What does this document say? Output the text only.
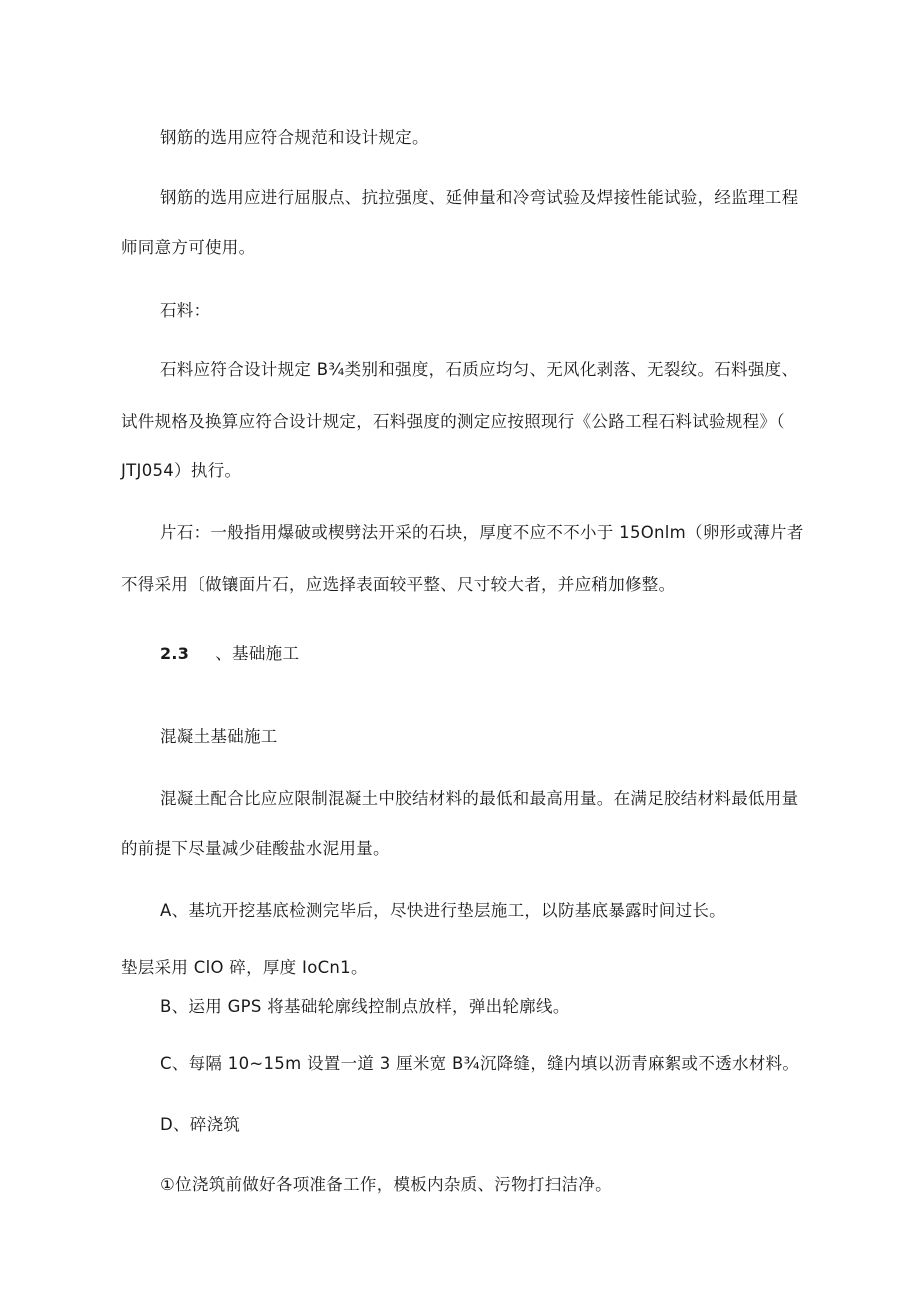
钢筋的选用应符合规范和设计规定。
钢筋的选用应进行屈服点、抗拉强度、延伸量和冷弯试验及焊接性能试验，经监理工程
师同意方可使用。
石料：
石料应符合设计规定 B¾类别和强度，石质应均匀、无风化剥落、无裂纹。石料强度、
试件规格及换算应符合设计规定，石料强度的测定应按照现行《公路工程石料试验规程》（
JTJ054）执行。
片石：一般指用爆破或楔劈法开采的石块，厚度不应不不小于 15Onlm（卵形或薄片者
不得采用〔做镶面片石，应选择表面较平整、尺寸较大者，并应稍加修整。
2.3 、基础施工
混凝土基础施工
混凝土配合比应应限制混凝土中胶结材料的最低和最高用量。在满足胶结材料最低用量
的前提下尽量减少硅酸盐水泥用量。
A、基坑开挖基底检测完毕后，尽快进行垫层施工，以防基底暴露时间过长。
垫层采用 ClO 碎，厚度 IoCn1。
B、运用 GPS 将基础轮廓线控制点放样，弹出轮廓线。
C、每隔 10~15m 设置一道 3 厘米宽 B¾沉降缝，缝内填以沥青麻絮或不透水材料。
D、碎浇筑
①位浇筑前做好各项准备工作，模板内杂质、污物打扫洁净。
